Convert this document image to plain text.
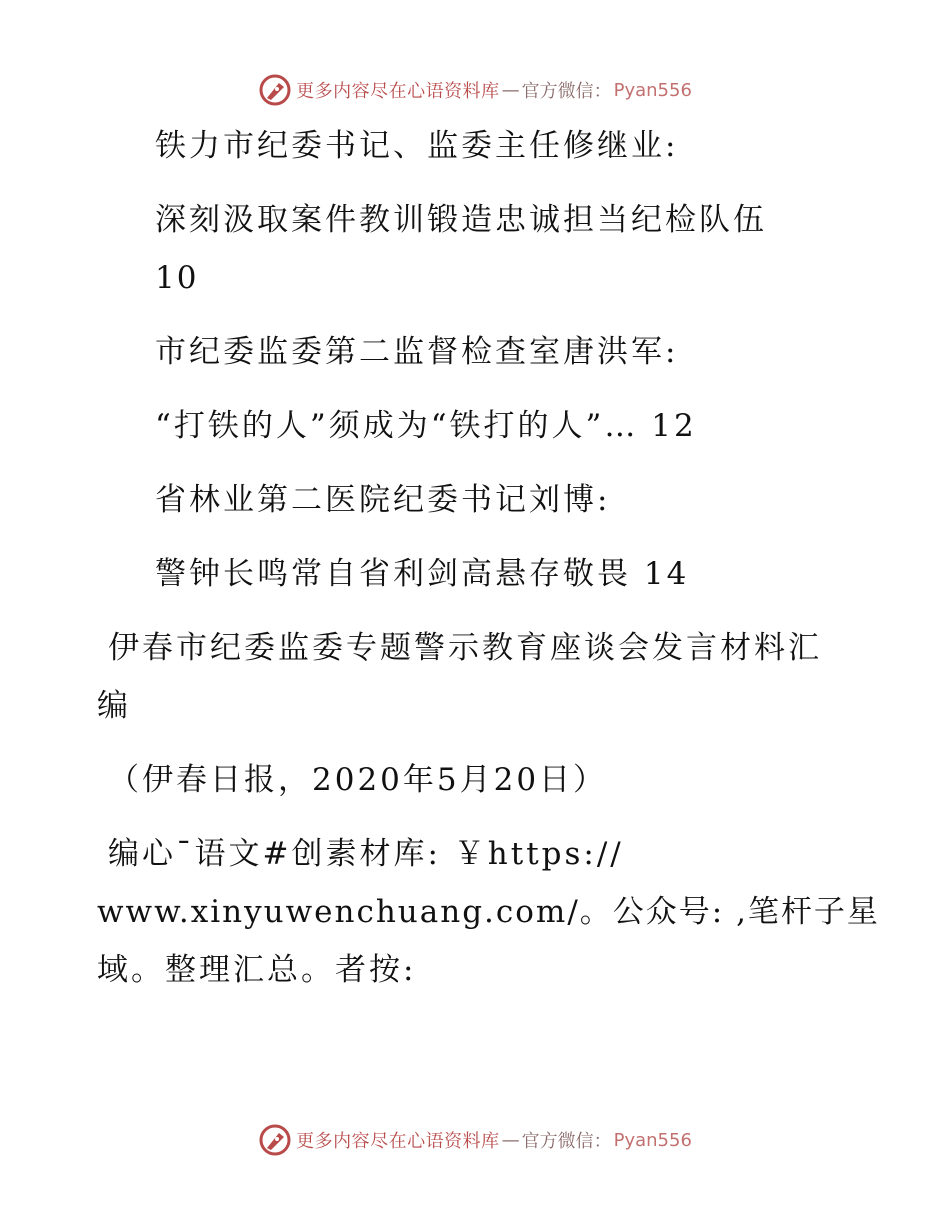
更多内容尽在心语资料库 — 官方微信： Pyan556
铁力市纪委书记、监委主任修继业:
深刻汲取案件教训锻造忠诚担当纪检队伍
10
市纪委监委第二监督检查室唐洪军:
“打铁的人”须成为“铁打的人”… 12
省林业第二医院纪委书记刘博:
警钟长鸣常自省利剑高悬存敬畏 14
伊春市纪委监委专题警示教育座谈会发言材料汇
编
（伊春日报，2020年5月20日）
编心¯语文#创素材库: ￥https://
www.xinyuwenchuang.com/。公众号: ,笔杆子星
域。整理汇总。者按:
更多内容尽在心语资料库 — 官方微信： Pyan556
